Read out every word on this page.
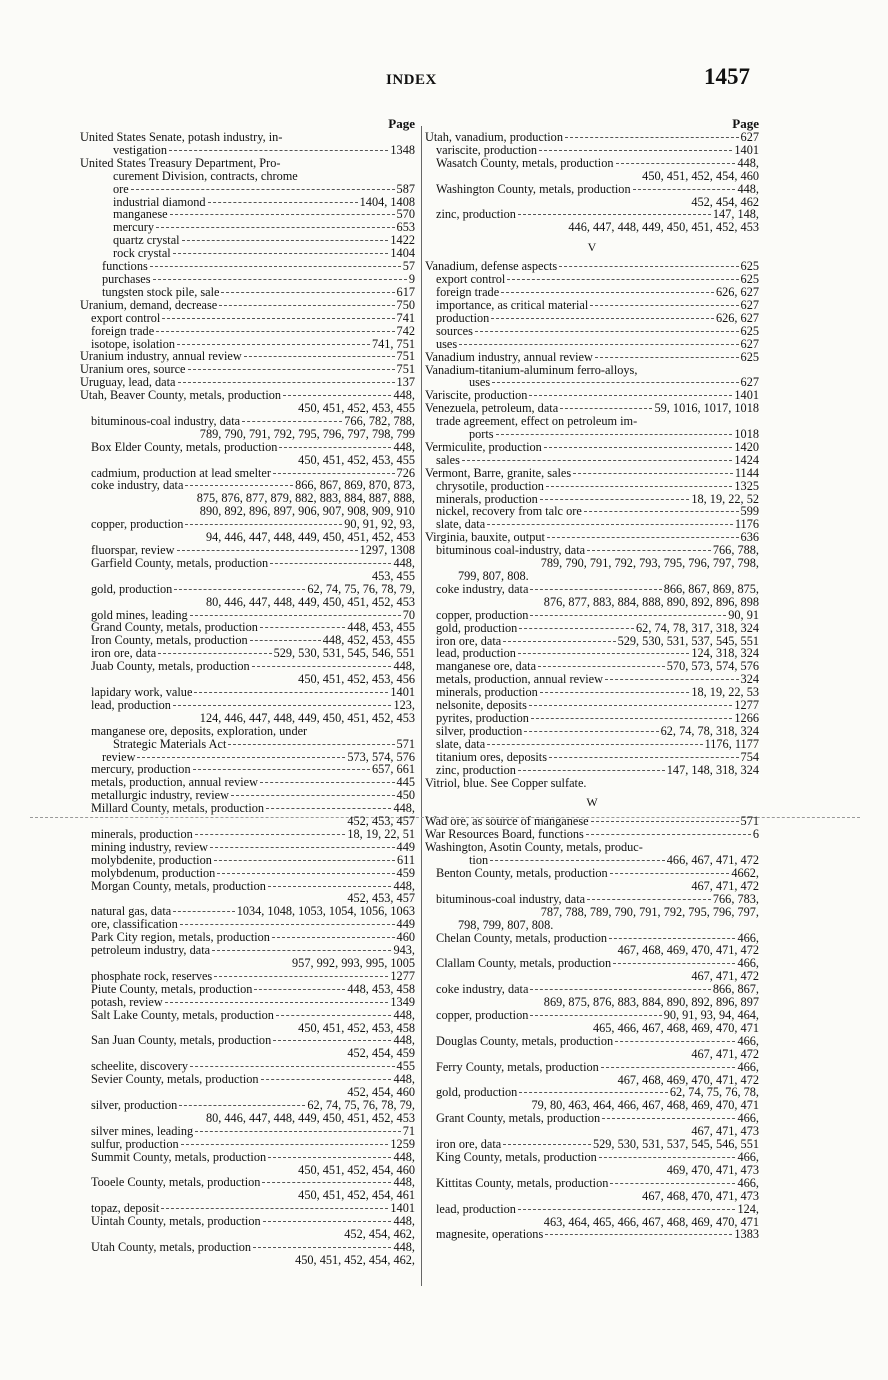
INDEX	1457
Page
United States Senate, potash industry, in-
vestigation	1348
United States Treasury Department, Pro-
curement Division, contracts, chrome
ore	587
industrial diamond	1404, 1408
manganese	570
mercury	653
quartz crystal	1422
rock crystal	1404
functions	57
purchases	9
tungsten stock pile, sale	617
Uranium, demand, decrease	750
export control	741
foreign trade	742
isotope, isolation	741, 751
Uranium industry, annual review	751
Uranium ores, source	751
Uruguay, lead, data	137
Utah, Beaver County, metals, production	448,
450, 451, 452, 453, 455
bituminous-coal industry, data	766, 782, 788,
789, 790, 791, 792, 795, 796, 797, 798, 799
Box Elder County, metals, production	448,
450, 451, 452, 453, 455
cadmium, production at lead smelter	726
coke industry, data	866, 867, 869, 870, 873,
875, 876, 877, 879, 882, 883, 884, 887, 888,
890, 892, 896, 897, 906, 907, 908, 909, 910
copper, production	90, 91, 92, 93,
94, 446, 447, 448, 449, 450, 451, 452, 453
fluorspar, review	1297, 1308
Garfield County, metals, production	448,
453, 455
gold, production	62, 74, 75, 76, 78, 79,
80, 446, 447, 448, 449, 450, 451, 452, 453
gold mines, leading	70
Grand County, metals, production	448, 453, 455
Iron County, metals, production	448, 452, 453, 455
iron ore, data	529, 530, 531, 545, 546, 551
Juab County, metals, production	448,
450, 451, 452, 453, 456
lapidary work, value	1401
lead, production	123,
124, 446, 447, 448, 449, 450, 451, 452, 453
manganese ore, deposits, exploration, under
Strategic Materials Act	571
review	573, 574, 576
mercury, production	657, 661
metals, production, annual review	445
metallurgic industry, review	450
Millard County, metals, production	448,
452, 453, 457
minerals, production	18, 19, 22, 51
mining industry, review	449
molybdenite, production	611
molybdenum, production	459
Morgan County, metals, production	448,
452, 453, 457
natural gas, data	1034, 1048, 1053, 1054, 1056, 1063
ore, classification	449
Park City region, metals, production	460
petroleum industry, data	943,
957, 992, 993, 995, 1005
phosphate rock, reserves	1277
Piute County, metals, production	448, 453, 458
potash, review	1349
Salt Lake County, metals, production	448,
450, 451, 452, 453, 458
San Juan County, metals, production	448,
452, 454, 459
scheelite, discovery	455
Sevier County, metals, production	448,
452, 454, 460
silver, production	62, 74, 75, 76, 78, 79,
80, 446, 447, 448, 449, 450, 451, 452, 453
silver mines, leading	71
sulfur, production	1259
Summit County, metals, production	448,
450, 451, 452, 454, 460
Tooele County, metals, production	448,
450, 451, 452, 454, 461
topaz, deposit	1401
Uintah County, metals, production	448,
452, 454, 462,
Utah County, metals, production	448,
450, 451, 452, 454, 462,
Page
Utah, vanadium, production	627
variscite, production	1401
Wasatch County, metals, production	448,
450, 451, 452, 454, 460
Washington County, metals, production	448,
452, 454, 462
zinc, production	147, 148,
446, 447, 448, 449, 450, 451, 452, 453
V
Vanadium, defense aspects	625
export control	625
foreign trade	626, 627
importance, as critical material	627
production	626, 627
sources	625
uses	627
Vanadium industry, annual review	625
Vanadium-titanium-aluminum ferro-alloys,
uses	627
Variscite, production	1401
Venezuela, petroleum, data	59, 1016, 1017, 1018
trade agreement, effect on petroleum im-
ports	1018
Vermiculite, production	1420
sales	1424
Vermont, Barre, granite, sales	1144
chrysotile, production	1325
minerals, production	18, 19, 22, 52
nickel, recovery from talc ore	599
slate, data	1176
Virginia, bauxite, output	636
bituminous coal-industry, data	766, 788,
789, 790, 791, 792, 793, 795, 796, 797, 798,
799, 807, 808.
coke industry, data	866, 867, 869, 875,
876, 877, 883, 884, 888, 890, 892, 896, 898
copper, production	90, 91
gold, production	62, 74, 78, 317, 318, 324
iron ore, data	529, 530, 531, 537, 545, 551
lead, production	124, 318, 324
manganese ore, data	570, 573, 574, 576
metals, production, annual review	324
minerals, production	18, 19, 22, 53
nelsonite, deposits	1277
pyrites, production	1266
silver, production	62, 74, 78, 318, 324
slate, data	1176, 1177
titanium ores, deposits	754
zinc, production	147, 148, 318, 324
Vitriol, blue. See Copper sulfate.
W
Wad ore, as source of manganese	571
War Resources Board, functions	6
Washington, Asotin County, metals, produc-
tion	466, 467, 471, 472
Benton County, metals, production	4662,
467, 471, 472
bituminous-coal industry, data	766, 783,
787, 788, 789, 790, 791, 792, 795, 796, 797,
798, 799, 807, 808.
Chelan County, metals, production	466,
467, 468, 469, 470, 471, 472
Clallam County, metals, production	466,
467, 471, 472
coke industry, data	866, 867,
869, 875, 876, 883, 884, 890, 892, 896, 897
copper, production	90, 91, 93, 94, 464,
465, 466, 467, 468, 469, 470, 471
Douglas County, metals, production	466,
467, 471, 472
Ferry County, metals, production	466,
467, 468, 469, 470, 471, 472
gold, production	62, 74, 75, 76, 78,
79, 80, 463, 464, 466, 467, 468, 469, 470, 471
Grant County, metals, production	466,
467, 471, 473
iron ore, data	529, 530, 531, 537, 545, 546, 551
King County, metals, production	466,
469, 470, 471, 473
Kittitas County, metals, production	466,
467, 468, 470, 471, 473
lead, production	124,
463, 464, 465, 466, 467, 468, 469, 470, 471
magnesite, operations	1383
